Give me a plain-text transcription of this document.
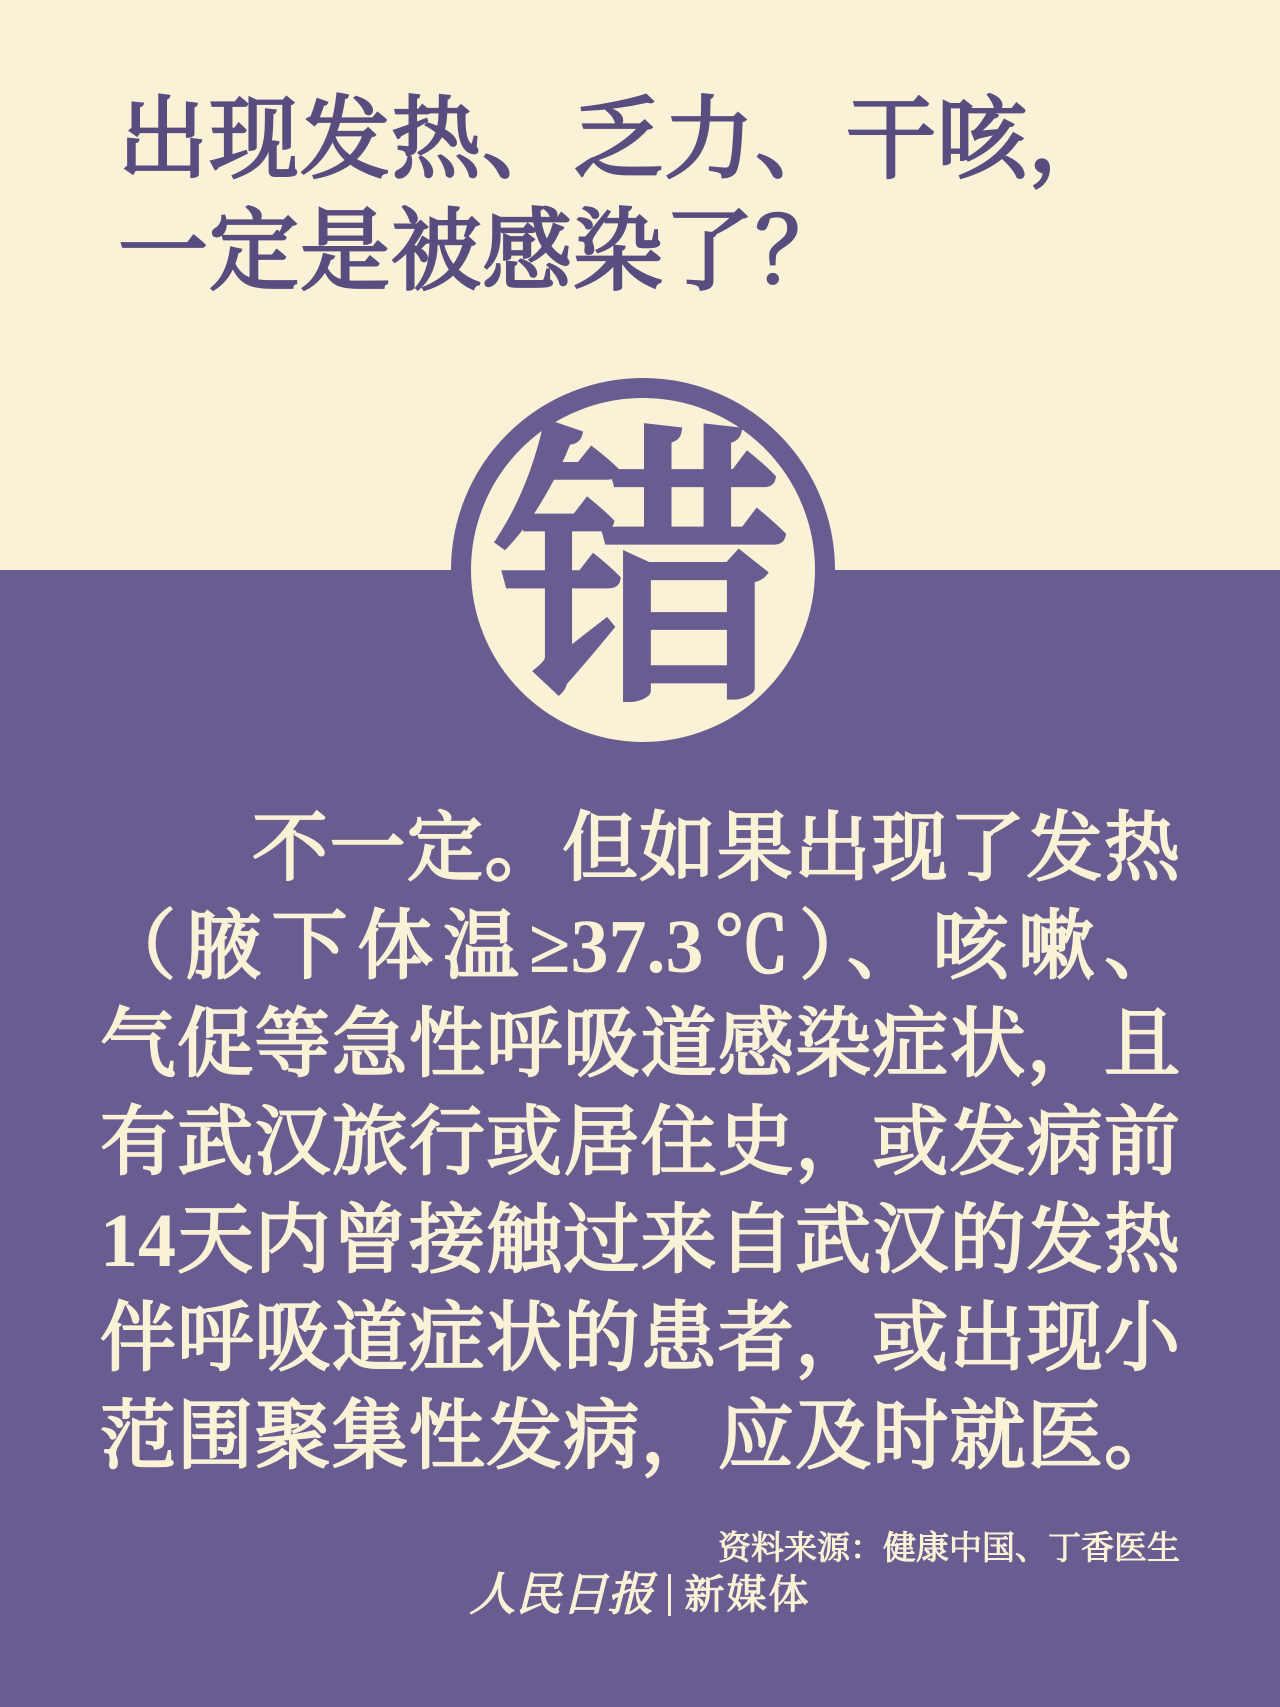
出现发热、乏力、干咳，
一定是被感染了？
错

不一定。但如果出现了发热

（腋下体温≥37.3℃）、咳嗽、

气促等急性呼吸道感染症状，且

有武汉旅行或居住史，或发病前

14天内曾接触过来自武汉的发热

伴呼吸道症状的患者，或出现小

范围聚集性发病，应及时就医。

资料来源：健康中国、丁香医生
人民日报 新媒体
